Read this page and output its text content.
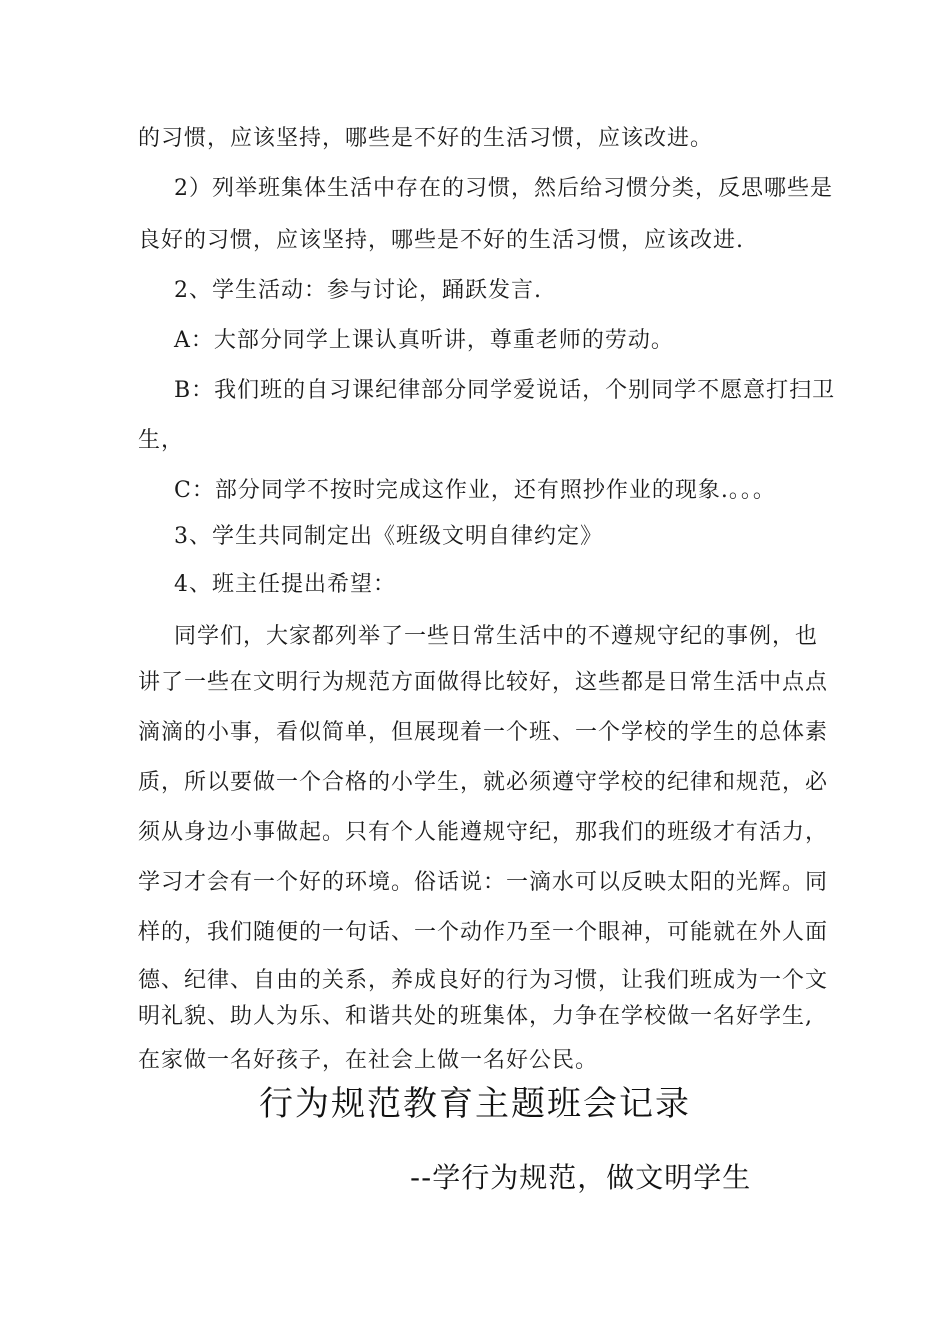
的习惯，应该坚持，哪些是不好的生活习惯，应该改进。
2）列举班集体生活中存在的习惯，然后给习惯分类，反思哪些是
良好的习惯，应该坚持，哪些是不好的生活习惯，应该改进.
2、学生活动：参与讨论，踊跃发言.
A：大部分同学上课认真听讲，尊重老师的劳动。
B：我们班的自习课纪律部分同学爱说话，个别同学不愿意打扫卫
生，
C：部分同学不按时完成这作业，还有照抄作业的现象.。。。
3、学生共同制定出《班级文明自律约定》
4、班主任提出希望：
同学们，大家都列举了一些日常生活中的不遵规守纪的事例，也
讲了一些在文明行为规范方面做得比较好，这些都是日常生活中点点
滴滴的小事，看似简单，但展现着一个班、一个学校的学生的总体素
质，所以要做一个合格的小学生，就必须遵守学校的纪律和规范，必
须从身边小事做起。只有个人能遵规守纪，那我们的班级才有活力，
学习才会有一个好的环境。俗话说：一滴水可以反映太阳的光辉。同
样的，我们随便的一句话、一个动作乃至一个眼神，可能就在外人面
德、纪律、自由的关系，养成良好的行为习惯，让我们班成为一个文
明礼貌、助人为乐、和谐共处的班集体，力争在学校做一名好学生,
在家做一名好孩子，在社会上做一名好公民。
行为规范教育主题班会记录
--学行为规范，做文明学生
